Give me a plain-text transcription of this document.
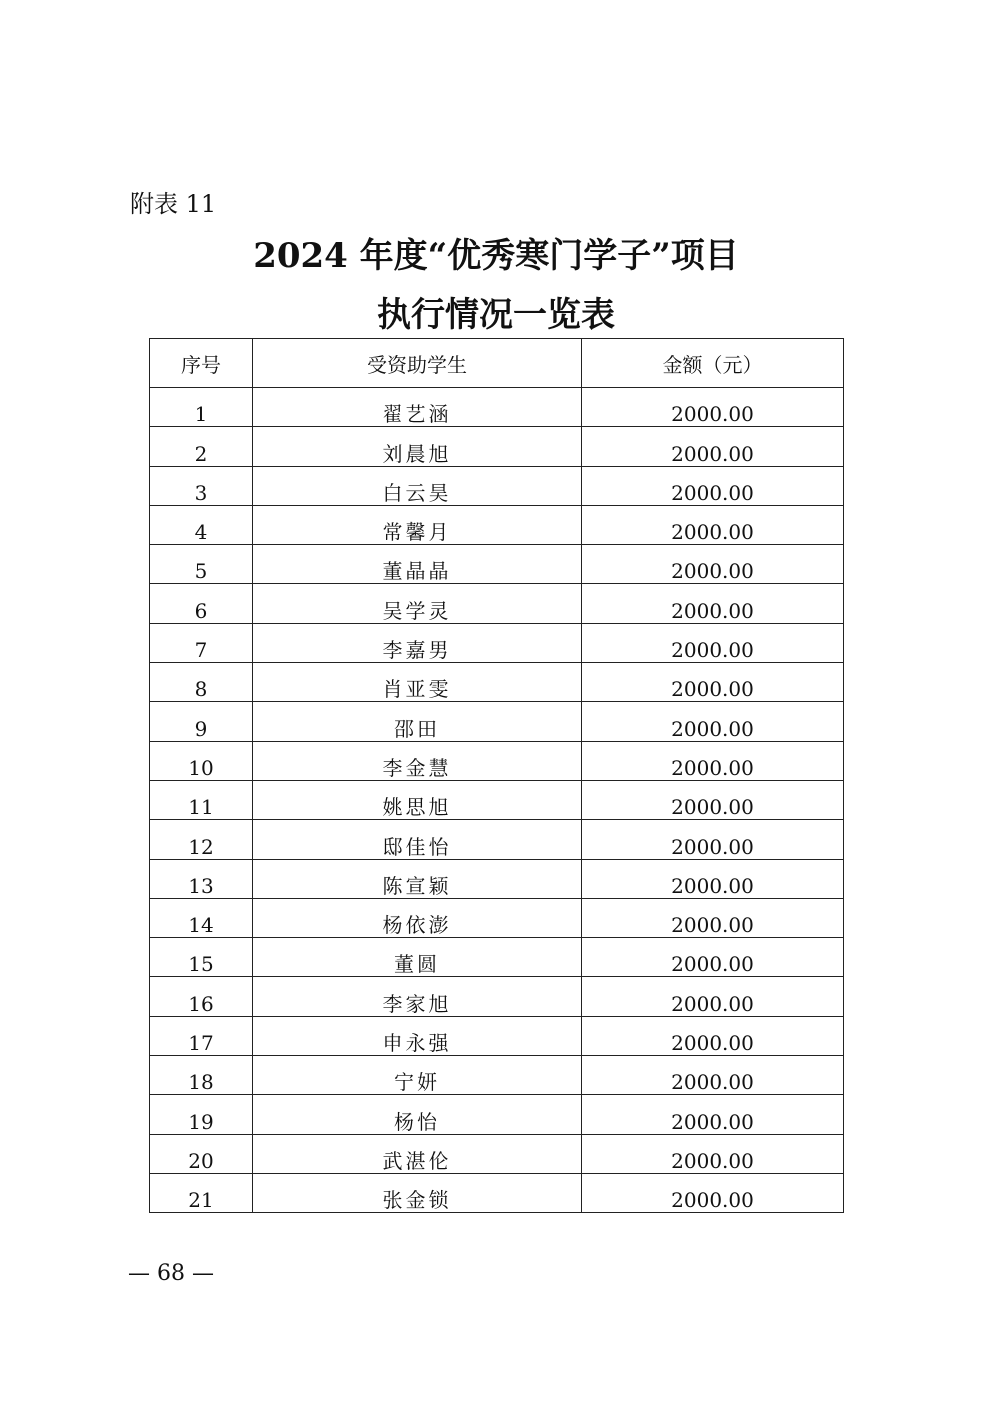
附表 11
2024 年度“优秀寒门学子”项目
执行情况一览表
序号	受资助学生	金额（元）
1	翟艺涵	2000.00
2	刘晨旭	2000.00
3	白云昊	2000.00
4	常馨月	2000.00
5	董晶晶	2000.00
6	吴学灵	2000.00
7	李嘉男	2000.00
8	肖亚雯	2000.00
9	邵田	2000.00
10	李金慧	2000.00
11	姚思旭	2000.00
12	邸佳怡	2000.00
13	陈宣颖	2000.00
14	杨依澎	2000.00
15	董圆	2000.00
16	李家旭	2000.00
17	申永强	2000.00
18	宁妍	2000.00
19	杨怡	2000.00
20	武湛伦	2000.00
21	张金锁	2000.00
— 68 —
